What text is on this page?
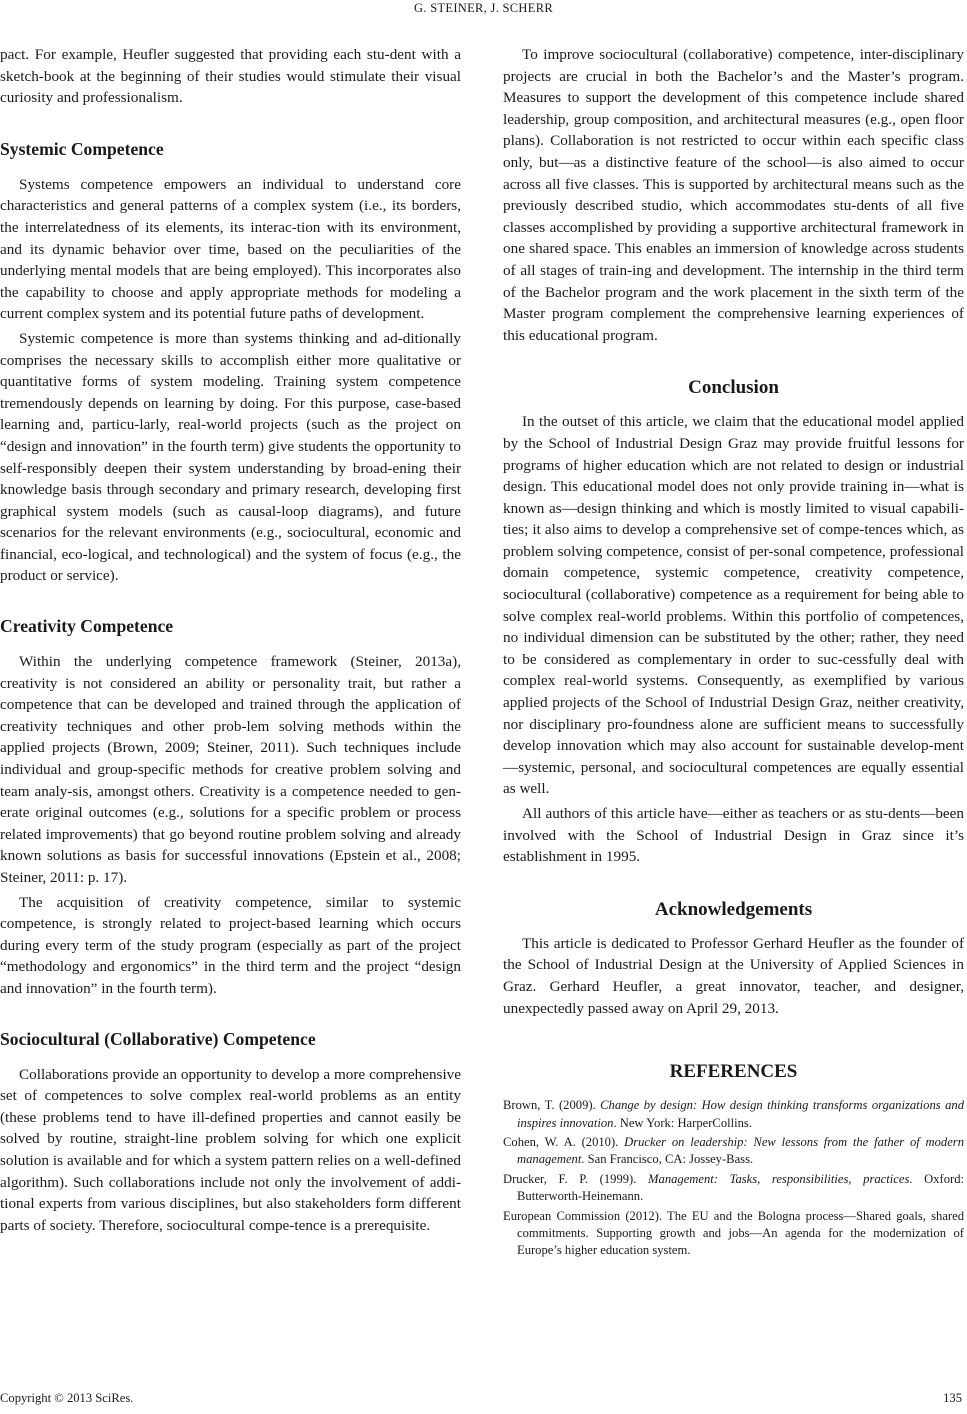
G. STEINER, J. SCHERR

pact. For example, Heufler suggested that providing each stu-dent with a sketch-book at the beginning of their studies would stimulate their visual curiosity and professionalism.

Systemic Competence

Systems competence empowers an individual to understand core characteristics and general patterns of a complex system (i.e., its borders, the interrelatedness of its elements, its interac-tion with its environment, and its dynamic behavior over time, based on the peculiarities of the underlying mental models that are being employed). This incorporates also the capability to choose and apply appropriate methods for modeling a current complex system and its potential future paths of development.

Systemic competence is more than systems thinking and ad-ditionally comprises the necessary skills to accomplish either more qualitative or quantitative forms of system modeling. Training system competence tremendously depends on learning by doing. For this purpose, case-based learning and, particu-larly, real-world projects (such as the project on “design and innovation” in the fourth term) give students the opportunity to self-responsibly deepen their system understanding by broad-ening their knowledge basis through secondary and primary research, developing first graphical system models (such as causal-loop diagrams), and future scenarios for the relevant environments (e.g., sociocultural, economic and financial, eco-logical, and technological) and the system of focus (e.g., the product or service).

Creativity Competence

Within the underlying competence framework (Steiner, 2013a), creativity is not considered an ability or personality trait, but rather a competence that can be developed and trained through the application of creativity techniques and other prob-lem solving methods within the applied projects (Brown, 2009; Steiner, 2011). Such techniques include individual and group-specific methods for creative problem solving and team analy-sis, amongst others. Creativity is a competence needed to gen-erate original outcomes (e.g., solutions for a specific problem or process related improvements) that go beyond routine problem solving and already known solutions as basis for successful innovations (Epstein et al., 2008; Steiner, 2011: p. 17).

The acquisition of creativity competence, similar to systemic competence, is strongly related to project-based learning which occurs during every term of the study program (especially as part of the project “methodology and ergonomics” in the third term and the project “design and innovation” in the fourth term).

Sociocultural (Collaborative) Competence

Collaborations provide an opportunity to develop a more comprehensive set of competences to solve complex real-world problems as an entity (these problems tend to have ill-defined properties and cannot easily be solved by routine, straight-line problem solving for which one explicit solution is available and for which a system pattern relies on a well-defined algorithm). Such collaborations include not only the involvement of addi-tional experts from various disciplines, but also stakeholders form different parts of society. Therefore, sociocultural compe-tence is a prerequisite.

To improve sociocultural (collaborative) competence, inter-disciplinary projects are crucial in both the Bachelor’s and the Master’s program. Measures to support the development of this competence include shared leadership, group composition, and architectural measures (e.g., open floor plans). Collaboration is not restricted to occur within each specific class only, but—as a distinctive feature of the school—is also aimed to occur across all five classes. This is supported by architectural means such as the previously described studio, which accommodates stu-dents of all five classes accomplished by providing a supportive architectural framework in one shared space. This enables an immersion of knowledge across students of all stages of train-ing and development. The internship in the third term of the Bachelor program and the work placement in the sixth term of the Master program complement the comprehensive learning experiences of this educational program.

Conclusion

In the outset of this article, we claim that the educational model applied by the School of Industrial Design Graz may provide fruitful lessons for programs of higher education which are not related to design or industrial design. This educational model does not only provide training in—what is known as—design thinking and which is mostly limited to visual capabili-ties; it also aims to develop a comprehensive set of compe-tences which, as problem solving competence, consist of per-sonal competence, professional domain competence, systemic competence, creativity competence, sociocultural (collaborative) competence as a requirement for being able to solve complex real-world problems. Within this portfolio of competences, no individual dimension can be substituted by the other; rather, they need to be considered as complementary in order to suc-cessfully deal with complex real-world systems. Consequently, as exemplified by various applied projects of the School of Industrial Design Graz, neither creativity, nor disciplinary pro-foundness alone are sufficient means to successfully develop innovation which may also account for sustainable develop-ment—systemic, personal, and sociocultural competences are equally essential as well.

All authors of this article have—either as teachers or as stu-dents—been involved with the School of Industrial Design in Graz since it’s establishment in 1995.

Acknowledgements

This article is dedicated to Professor Gerhard Heufler as the founder of the School of Industrial Design at the University of Applied Sciences in Graz. Gerhard Heufler, a great innovator, teacher, and designer, unexpectedly passed away on April 29, 2013.

REFERENCES
Brown, T. (2009). Change by design: How design thinking transforms organizations and inspires innovation. New York: HarperCollins.
Cohen, W. A. (2010). Drucker on leadership: New lessons from the father of modern management. San Francisco, CA: Jossey-Bass.
Drucker, F. P. (1999). Management: Tasks, responsibilities, practices. Oxford: Butterworth-Heinemann.
European Commission (2012). The EU and the Bologna process—Shared goals, shared commitments. Supporting growth and jobs—An agenda for the modernization of Europe’s higher education system.
Copyright © 2013 SciRes.	135
